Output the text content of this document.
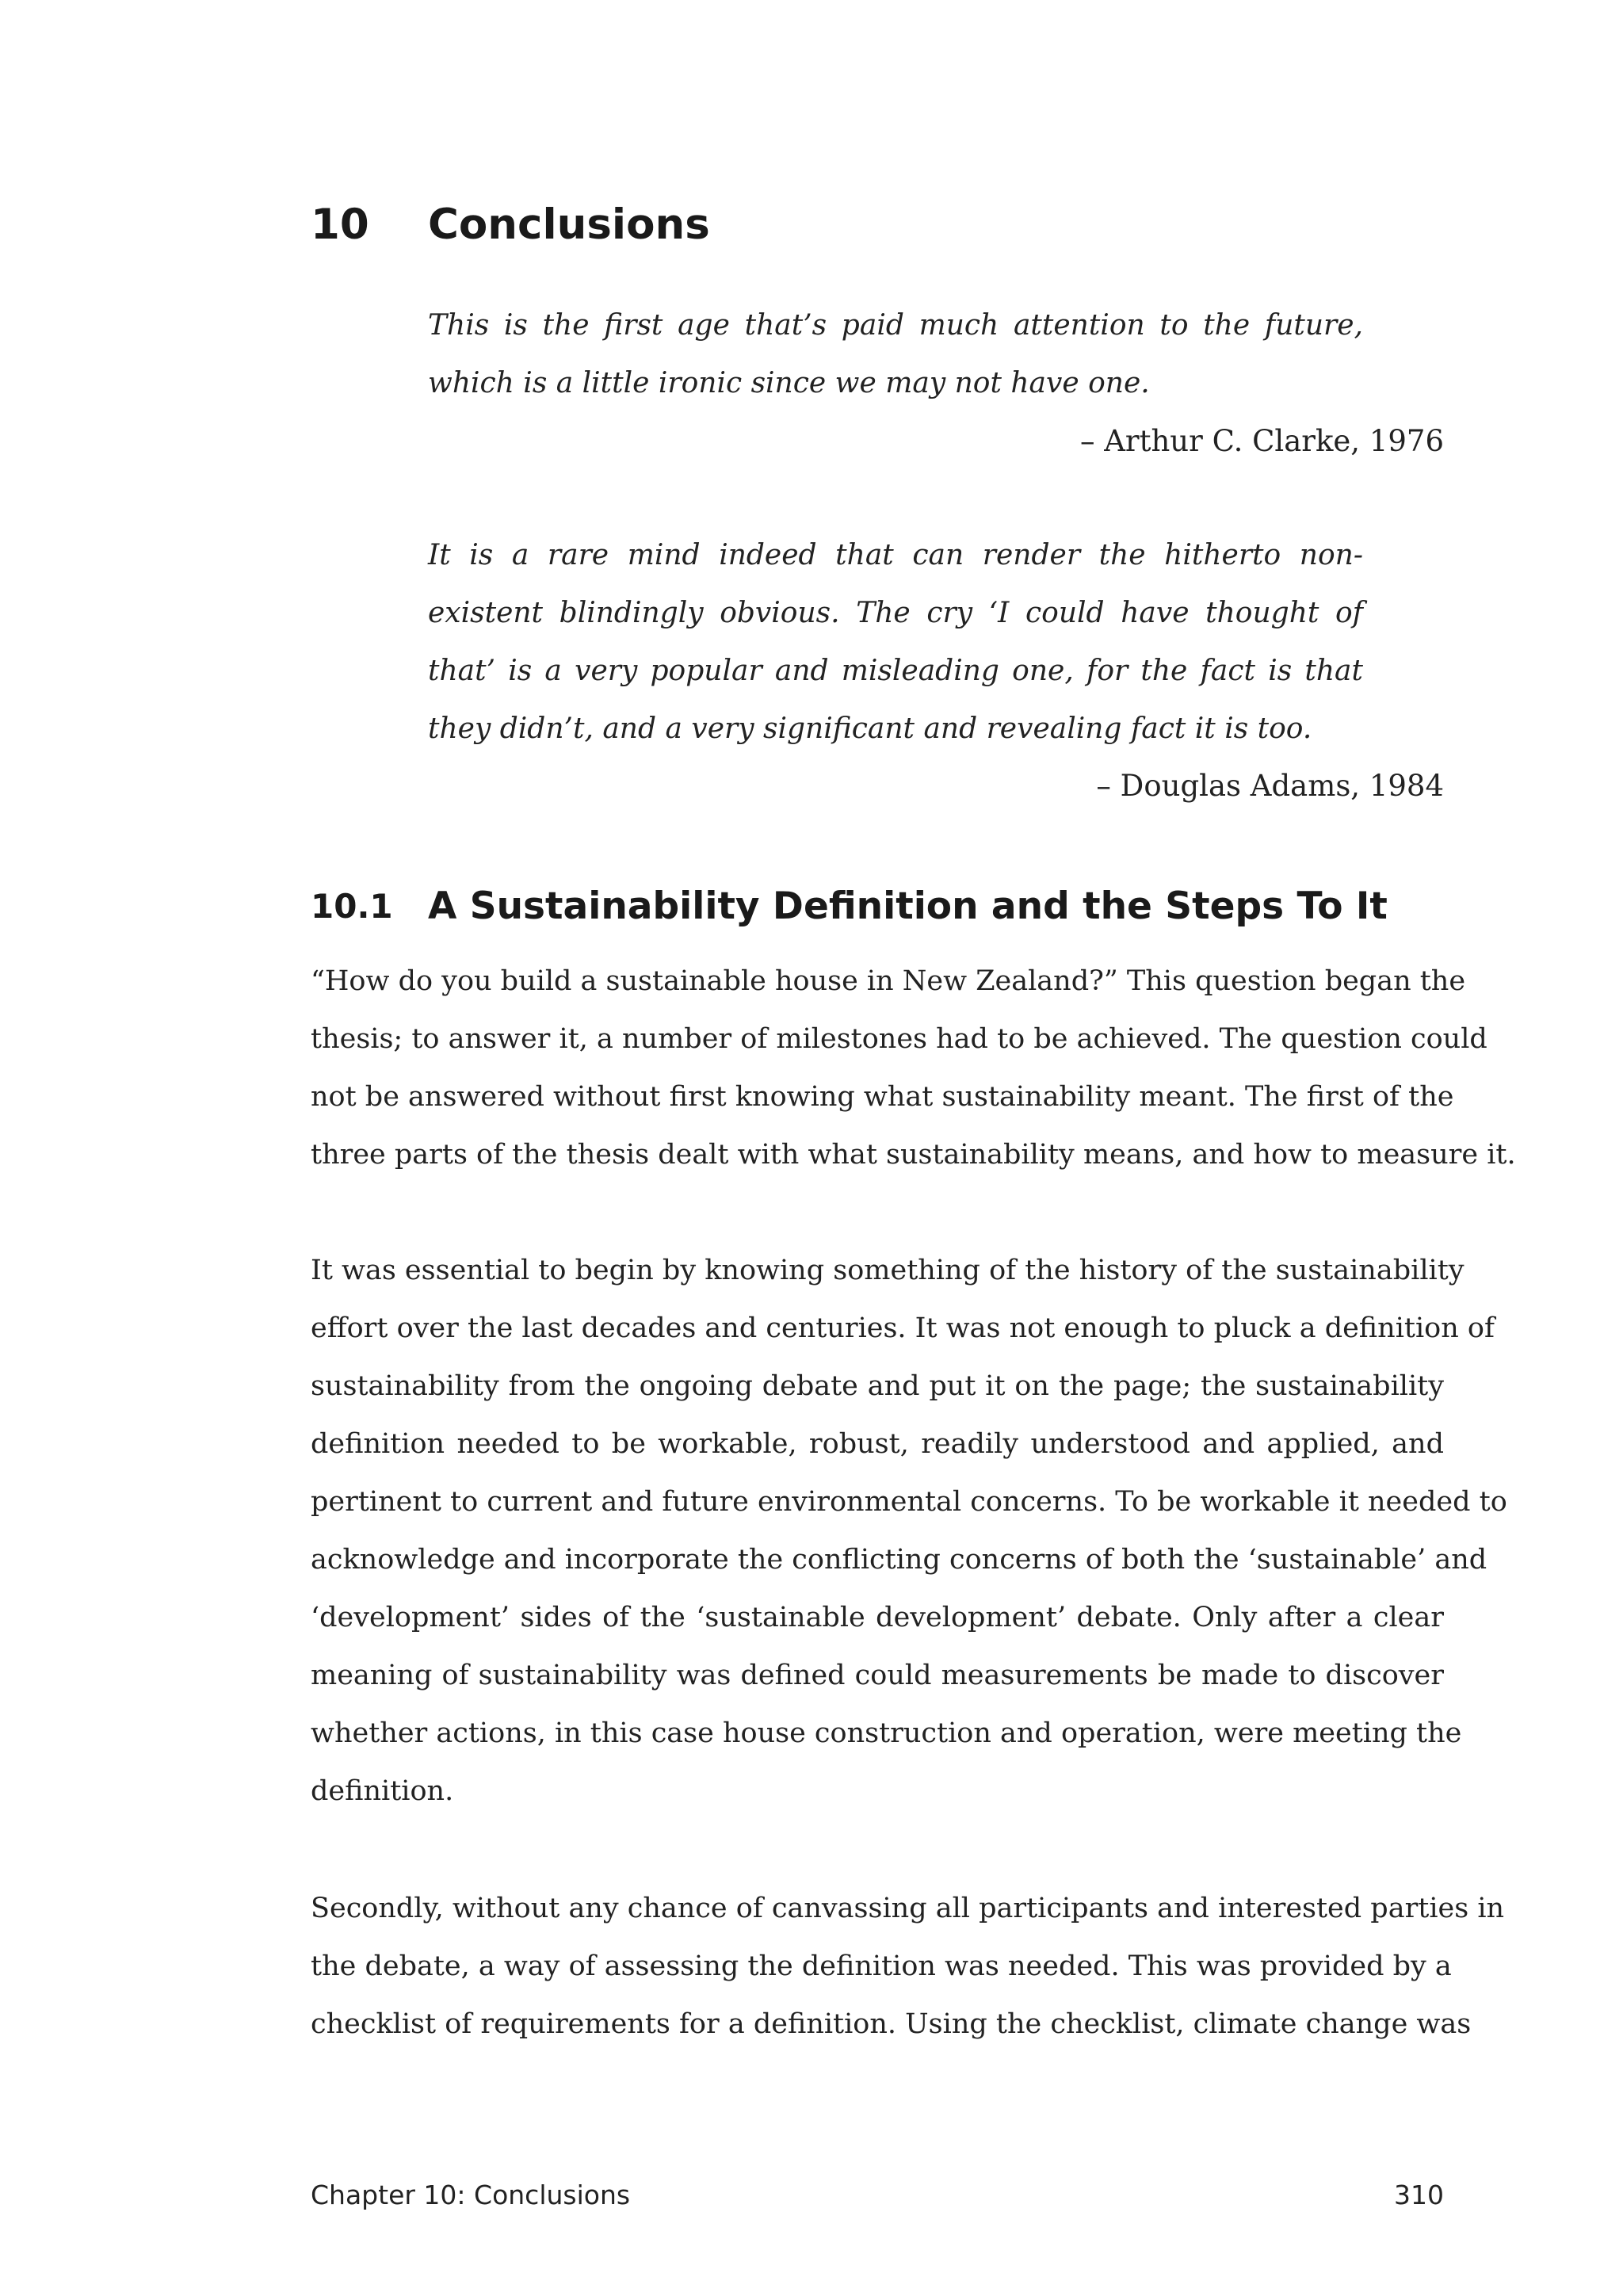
10 Conclusions
This is the first age that’s paid much attention to the future, which is a little ironic since we may not have one.
– Arthur C. Clarke, 1976
It is a rare mind indeed that can render the hitherto non-existent blindingly obvious. The cry ‘I could have thought of that’ is a very popular and misleading one, for the fact is that they didn’t, and a very significant and revealing fact it is too.
– Douglas Adams, 1984
10.1 A Sustainability Definition and the Steps To It
“How do you build a sustainable house in New Zealand?” This question began the
thesis; to answer it, a number of milestones had to be achieved. The question could
not be answered without first knowing what sustainability meant. The first of the
three parts of the thesis dealt with what sustainability means, and how to measure it.
It was essential to begin by knowing something of the history of the sustainability
effort over the last decades and centuries. It was not enough to pluck a definition of
sustainability from the ongoing debate and put it on the page; the sustainability
definition needed to be workable, robust, readily understood and applied, and
pertinent to current and future environmental concerns. To be workable it needed to
acknowledge and incorporate the conflicting concerns of both the ‘sustainable’ and
‘development’ sides of the ‘sustainable development’ debate. Only after a clear
meaning of sustainability was defined could measurements be made to discover
whether actions, in this case house construction and operation, were meeting the
definition.
Secondly, without any chance of canvassing all participants and interested parties in
the debate, a way of assessing the definition was needed. This was provided by a
checklist of requirements for a definition. Using the checklist, climate change was
Chapter 10: Conclusions	310
